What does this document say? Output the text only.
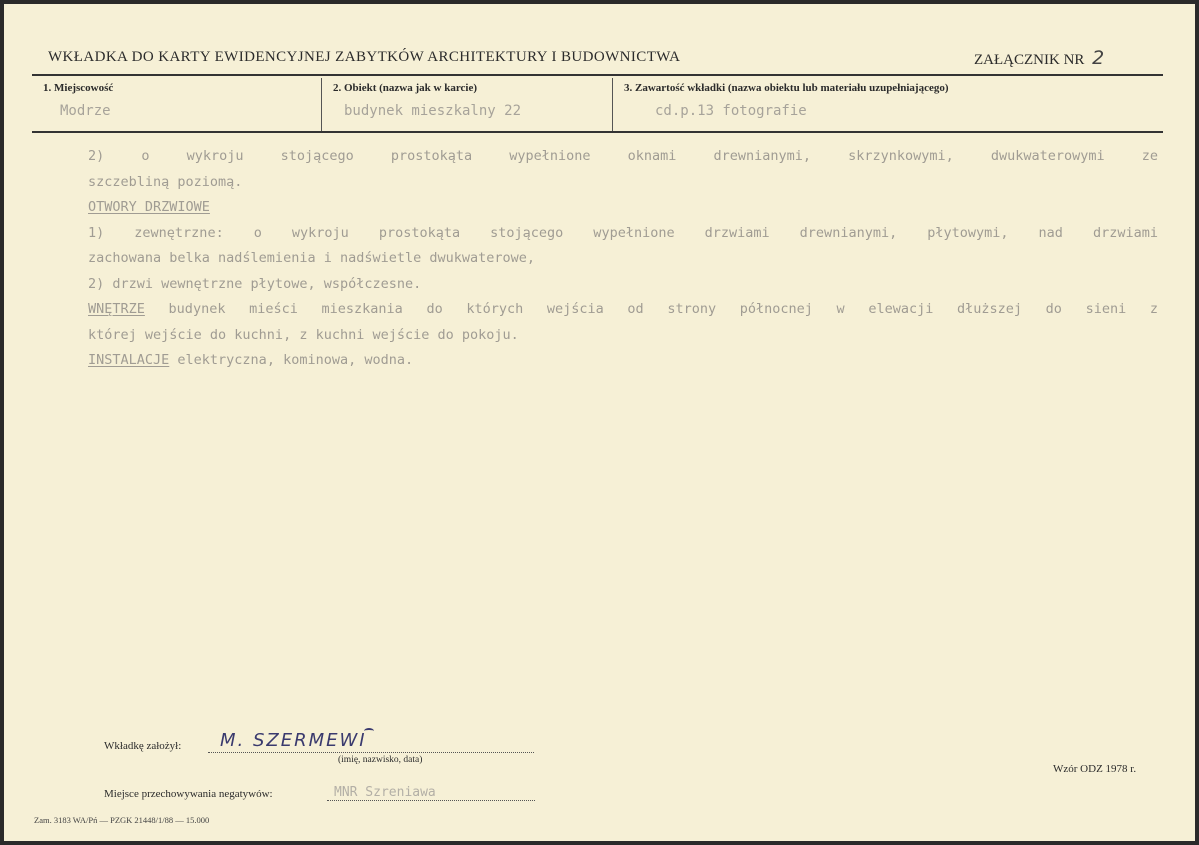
WKŁADKA DO KARTY EWIDENCYJNEJ ZABYTKÓW ARCHITEKTURY I BUDOWNICTWA	ZAŁĄCZNIK NR 2
1. Miejscowość
Modrze
2. Obiekt (nazwa jak w karcie)
budynek mieszkalny 22
3. Zawartość wkładki (nazwa obiektu lub materiału uzupełniającego)
cd.p.13 fotografie

2) o wykroju stojącego prostokąta wypełnione oknami drewnianymi, skrzynkowymi, dwukwaterowymi ze

szczebliną poziomą.

OTWORY DRZWIOWE

1) zewnętrzne: o wykroju prostokąta stojącego wypełnione drzwiami drewnianymi, płytowymi, nad drzwiami

zachowana belka nadślemienia i nadświetle dwukwaterowe,

2) drzwi wewnętrzne płytowe, współczesne.

WNĘTRZE budynek mieści mieszkania do których wejścia od strony północnej w elewacji dłuższej do sieni z

której wejście do kuchni, z kuchni wejście do pokoju.

INSTALACJE elektryczna, kominowa, wodna.

Wkładkę założył: M. SZERMEWI
(imię, nazwisko, data)
Miejsce przechowywania negatywów:	MNR Szreniawa
Wzór ODZ 1978 r.
Zam. 3183 WA/Pń — PZGK 21448/1/88 — 15.000
